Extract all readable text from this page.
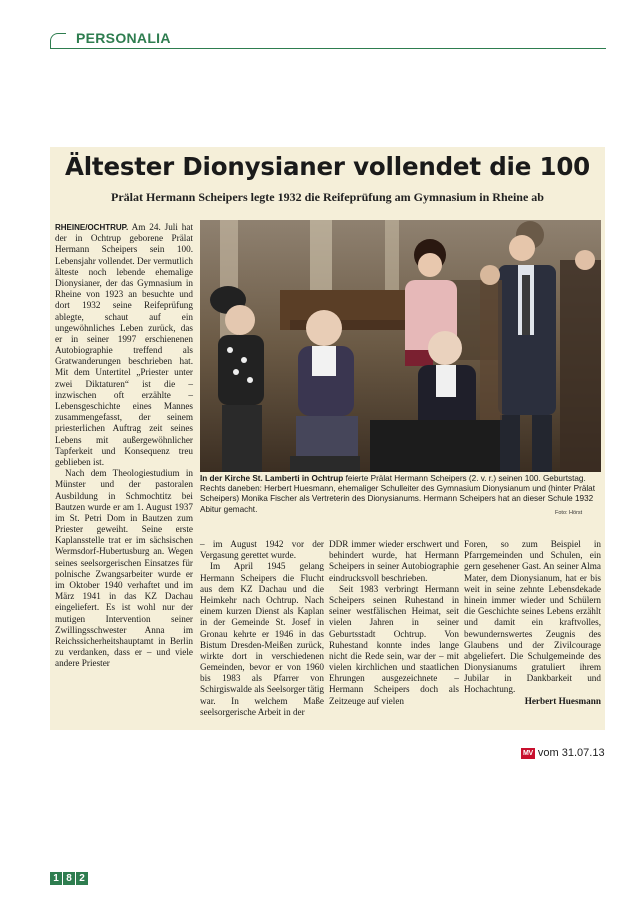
PERSONALIA
Ältester Dionysianer vollendet die 100
Prälat Hermann Scheipers legte 1932 die Reifeprüfung am Gymnasium in Rheine ab

RHEINE/OCHTRUP. Am 24. Juli hat der in Ochtrup geborene Prälat Hermann Scheipers sein 100. Lebensjahr vollendet. Der vermutlich älteste noch lebende ehemalige Dionysianer, der das Gymnasium in Rheine von 1923 an besuchte und dort 1932 seine Reifeprüfung ablegte, schaut auf ein ungewöhnliches Leben zurück, das er in seiner 1997 erschienenen Autobiographie treffend als Gratwanderungen beschrieben hat. Mit dem Untertitel „Priester unter zwei Diktaturen“ ist die – inzwischen oft erzählte – Lebensgeschichte eines Mannes zusammengefasst, der seinem priesterlichen Auftrag zeit seines Lebens mit außergewöhnlicher Tapferkeit und Konsequenz treu geblieben ist.

Nach dem Theologiestudium in Münster und der pastoralen Ausbildung in Schmochtitz bei Bautzen wurde er am 1. August 1937 im St. Petri Dom in Bautzen zum Priester geweiht. Seine erste Kaplansstelle trat er im sächsischen Wermsdorf-Hubertusburg an. Wegen seines seelsorgerischen Einsatzes für polnische Zwangsarbeiter wurde er im Oktober 1940 verhaftet und im März 1941 in das KZ Dachau eingeliefert. Es ist wohl nur der mutigen Intervention seiner Zwillingsschwester Anna im Reichssicherheitshauptamt in Berlin zu verdanken, dass er – und viele andere Priester

In der Kirche St. Lamberti in Ochtrup feierte Prälat Hermann Scheipers (2. v. r.) seinen 100. Geburtstag. Rechts daneben: Herbert Huesmann, ehemaliger Schulleiter des Gymnasium Dionysianum und (hinter Prälat Scheipers) Monika Fischer als Vertreterin des Dionysianums. Hermann Scheipers hat an dieser Schule 1932 Abitur gemacht.	Foto: Hörst

– im August 1942 vor der Vergasung gerettet wurde.

Im April 1945 gelang Hermann Scheipers die Flucht aus dem KZ Dachau und die Heimkehr nach Ochtrup. Nach einem kurzen Dienst als Kaplan in der Gemeinde St. Josef in Gronau kehrte er 1946 in das Bistum Dresden-Meißen zurück, wirkte dort in verschiedenen Gemeinden, bevor er von 1960 bis 1983 als Pfarrer von Schirgiswalde als Seelsorger tätig war. In welchem Maße seelsorgerische Arbeit in der

DDR immer wieder erschwert und behindert wurde, hat Hermann Scheipers in seiner Autobiographie eindrucksvoll beschrieben.

Seit 1983 verbringt Hermann Scheipers seinen Ruhestand in seiner westfälischen Heimat, seit vielen Jahren in seiner Geburtsstadt Ochtrup. Von Ruhestand konnte indes lange nicht die Rede sein, war der – mit vielen kirchlichen und staatlichen Ehrungen ausgezeichnete – Hermann Scheipers doch als Zeitzeuge auf vielen

Foren, so zum Beispiel in Pfarrgemeinden und Schulen, ein gern gesehener Gast. An seiner Alma Mater, dem Dionysianum, hat er bis weit in seine zehnte Lebensdekade hinein immer wieder und Schülern die Geschichte seines Lebens erzählt und damit ein kraftvolles, bewundernswertes Zeugnis des Glaubens und der Zivilcourage abgeliefert. Die Schulgemeinde des Dionysianums gratuliert ihrem Jubilar in Dankbarkeit und Hochachtung.

Herbert Huesmann
MV vom 31.07.13
1 8 2
